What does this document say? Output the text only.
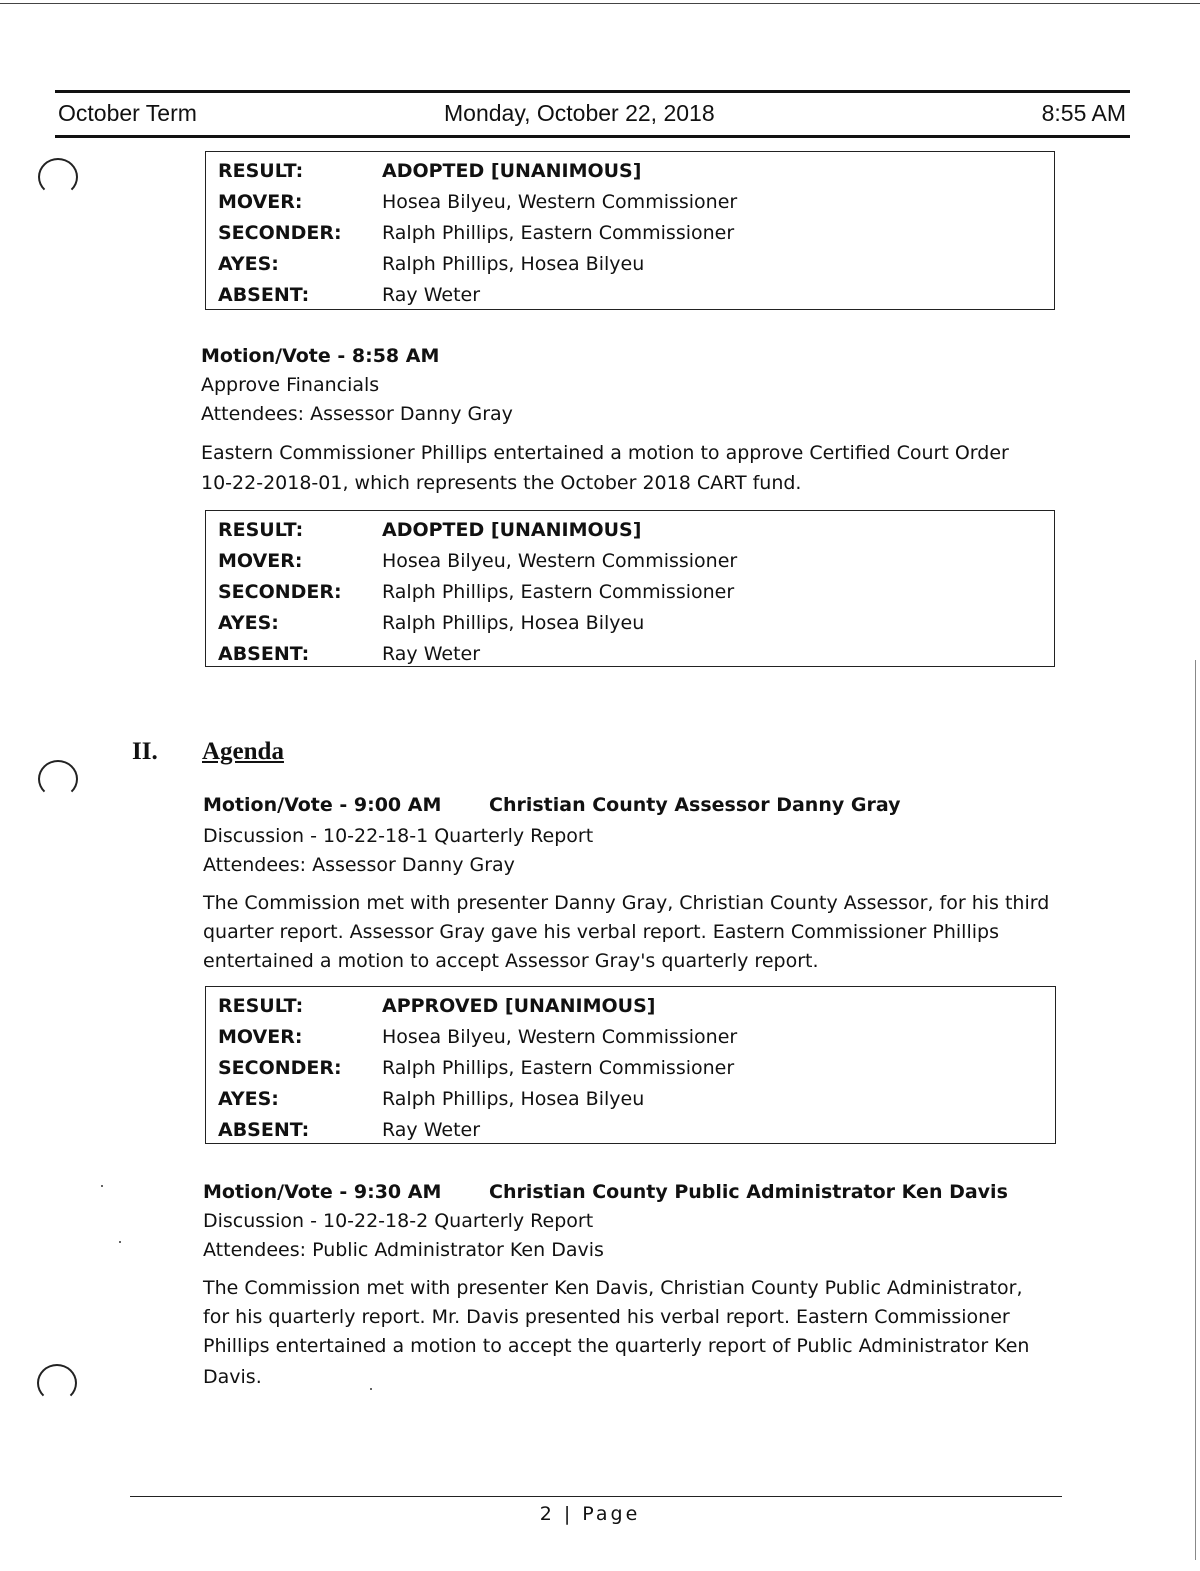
October Term	Monday, October 22, 2018	8:55 AM
RESULT:	ADOPTED [UNANIMOUS]
MOVER:	Hosea Bilyeu, Western Commissioner
SECONDER: Ralph Phillips, Eastern Commissioner
AYES:	Ralph Phillips, Hosea Bilyeu
ABSENT:	Ray Weter
Motion/Vote - 8:58 AM
Approve Financials
Attendees: Assessor Danny Gray
Eastern Commissioner Phillips entertained a motion to approve Certified Court Order
10-22-2018-01, which represents the October 2018 CART fund.
RESULT:	ADOPTED [UNANIMOUS]
MOVER:	Hosea Bilyeu, Western Commissioner
SECONDER: Ralph Phillips, Eastern Commissioner
AYES:	Ralph Phillips, Hosea Bilyeu
ABSENT:	Ray Weter
II. Agenda
Motion/Vote - 9:00 AM	Christian County Assessor Danny Gray
Discussion - 10-22-18-1 Quarterly Report
Attendees: Assessor Danny Gray
The Commission met with presenter Danny Gray, Christian County Assessor, for his third
quarter report. Assessor Gray gave his verbal report. Eastern Commissioner Phillips
entertained a motion to accept Assessor Gray's quarterly report.
RESULT:	APPROVED [UNANIMOUS]
MOVER:	Hosea Bilyeu, Western Commissioner
SECONDER: Ralph Phillips, Eastern Commissioner
AYES:	Ralph Phillips, Hosea Bilyeu
ABSENT:	Ray Weter
Motion/Vote - 9:30 AM	Christian County Public Administrator Ken Davis
Discussion - 10-22-18-2 Quarterly Report
Attendees: Public Administrator Ken Davis
The Commission met with presenter Ken Davis, Christian County Public Administrator,
for his quarterly report. Mr. Davis presented his verbal report. Eastern Commissioner
Phillips entertained a motion to accept the quarterly report of Public Administrator Ken
Davis.
2 | Page
